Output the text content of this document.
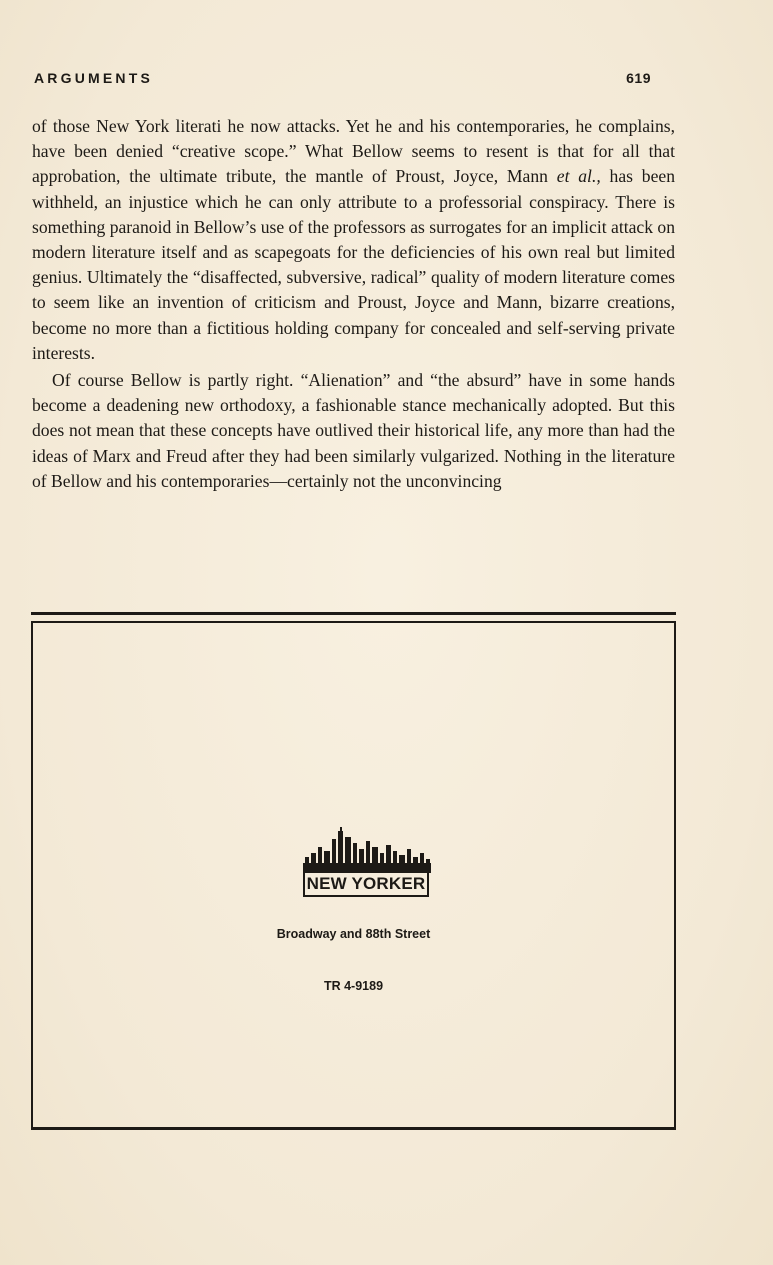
ARGUMENTS	619

of those New York literati he now attacks. Yet he and his contemporaries, he complains, have been denied “creative scope.” What Bellow seems to resent is that for all that approbation, the ultimate tribute, the mantle of Proust, Joyce, Mann et al., has been withheld, an injustice which he can only attribute to a professorial conspiracy. There is something paranoid in Bellow’s use of the professors as surrogates for an implicit attack on modern literature itself and as scapegoats for the deficiencies of his own real but limited genius. Ultimately the “disaffected, subversive, radical” quality of modern literature comes to seem like an invention of criticism and Proust, Joyce and Mann, bizarre creations, become no more than a fictitious holding company for concealed and self-serving private interests.

Of course Bellow is partly right. “Alienation” and “the absurd” have in some hands become a deadening new orthodoxy, a fashionable stance mechanically adopted. But this does not mean that these concepts have outlived their historical life, any more than had the ideas of Marx and Freud after they had been similarly vulgarized. Nothing in the literature of Bellow and his contemporaries—certainly not the unconvincing

NEW YORKER
Broadway and 88th Street
TR 4-9189
